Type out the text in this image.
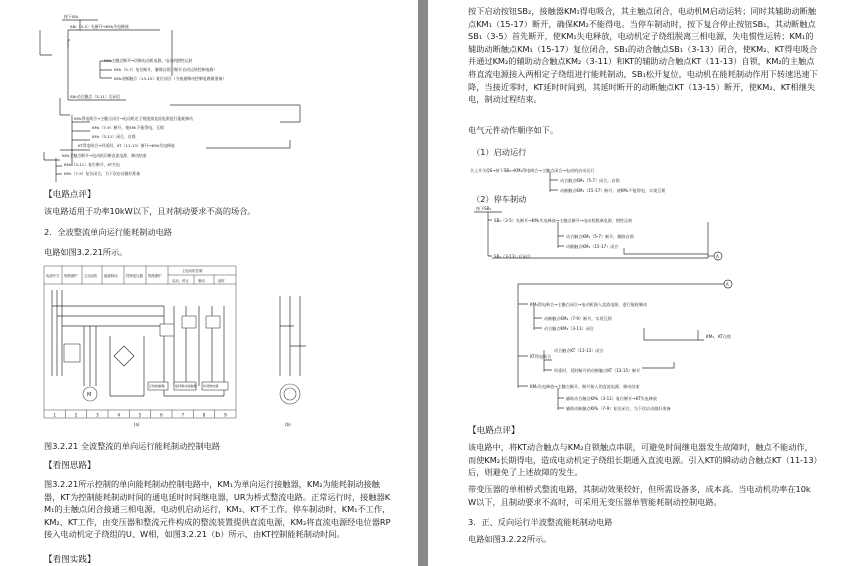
按下SB₁
SB₁（3-5）先断开→KM₁失电释放
KM₁主触点断开→切断电动机电源，电动机惯性运转
KM₁（5-7）复位断开，解除自锁（断开自动运转控制电路）
KM₁动断触点（13-15）复位闭合（为接通制动控制电路做准备）
SB₁动合触点（3-11）后闭合
KM₂得电吸合→主触点闭合→电动机定子绕组接直流电源进行能耗制动
KM₂（7-9）断开，使KM₁不能得电，互锁
KM₂（3-11）闭合，自锁
KT得电吸合→经延时，KT（11-13）断开→KM₂失电释放
KM₂主触点断开→电动机切断直流电源，制动结束
KM₂（3-11）复位断开，KT失电
KM₂（7-9）复位闭合，为下次启动做好准备
【电路点评】
该电路适用于功率10kW以下，且对制动要求不高的场合。
2．全波整流单向运行能耗制动电路
电路如图3.2.21所示。
电源开关 短路保护 主电动机 能耗制动 控制变压器 短路保护
主电动机控制
启动、停止	制动	延时
正转接触器	能耗制动接触器 时间继电器
M
1	2	3	4	5	6	7	8	9
(a)	(b)
图3.2.21 全波整流的单向运行能耗制动控制电路
【看图思路】
图3.2.21所示控制的单向能耗制动控制电路中，KM₁为单向运行接触器，KM₂为能耗制动接触器，KT为控制能耗制动时间的通电延时时间继电器，UR为桥式整流电路。正常运行时，接触器KM₁的主触点闭合接通三相电源，电动机启动运行，KM₂、KT不工作。停车制动时，KM₁不工作，KM₂、KT工作，由变压器和整流元件构成的整流装置提供直流电源，KM₂将直流电源经电位器RP接入电动机定子绕组的U、W相，如图3.2.21（b）所示，由KT控制能耗制动时间。
【看图实践】
按下启动按钮SB₂，接触器KM₁得电吸合，其主触点闭合，电动机M启动运转；同时其辅助动断触点KM₁（15-17）断开，确保KM₂不能得电。当停车制动时，按下复合停止按钮SB₁，其动断触点SB₁（3-5）首先断开，使KM₁失电释放，电动机定子绕组脱离三相电源，失电惯性运转；KM₁的辅助动断触点KM₁（15-17）复位闭合，SB₁的动合触点SB₁（3-13）闭合，使KM₂、KT得电吸合并通过KM₂的辅助动合触点KM₂（3-11）和KT的辅助动合触点KT（11-13）自锁，KM₂的主触点将直流电源接入两相定子绕组进行能耗制动，SB₁松开复位，电动机在能耗制动作用下转速迅速下降，当接近零时，KT延时时间到，其延时断开的动断触点KT（13-15）断开，使KM₂、KT相继失电，制动过程结束。
电气元件动作顺序如下。
（1）启动运行
合上开关QS→按下SB₂→KM₁得电吸合→主触点闭合→电动机启动运行
动合触点KM₁（5-7）闭合，自锁
动断触点KM₁（15-17）断开，使KM₂不能得电，实现互锁
（2）停车制动
A
A
按下SB₁
SB₁（3-5）先断开→KM₁失电释放→主触点断开→电动机脱离电源，惯性运转
动合触点KM₁（5-7）断开，解除自锁
动断触点KM₁（15-17）闭合
SB₁（3-13）后闭合
KM₂得电吸合→主触点闭合→电动机接入直流电源，进行能耗制动
动断触点KM₂（7-9）断开，实现互锁
动合触点KM₂（3-11）闭合
KM₂、KT自锁
动合触点KT（11-13）闭合
KT得电吸合
经延时，延时断开的动断触点KT（13-15）断开
KM₂失电释放→主触点断开，断开接入的直流电源，制动结束
辅助动合触点KM₂（3-11）复位断开→KT失电释放
辅助动断触点KM₂（7-9）复位闭合，为下次启动做好准备
【电路点评】
该电路中，将KT动合触点与KM₂自锁触点串联，可避免时间继电器发生故障时，触点不能动作，而使KM₂长期得电，造成电动机定子绕组长期通入直流电源。引入KT的瞬动动合触点KT（11-13）后，则避免了上述故障的发生。
带变压器的单相桥式整流电路，其制动效果较好，但所需设备多，成本高。当电动机功率在10kW以下，且制动要求不高时，可采用无变压器单管能耗制动控制电路。
3．正、反向运行半波整流能耗制动电路
电路如图3.2.22所示。
